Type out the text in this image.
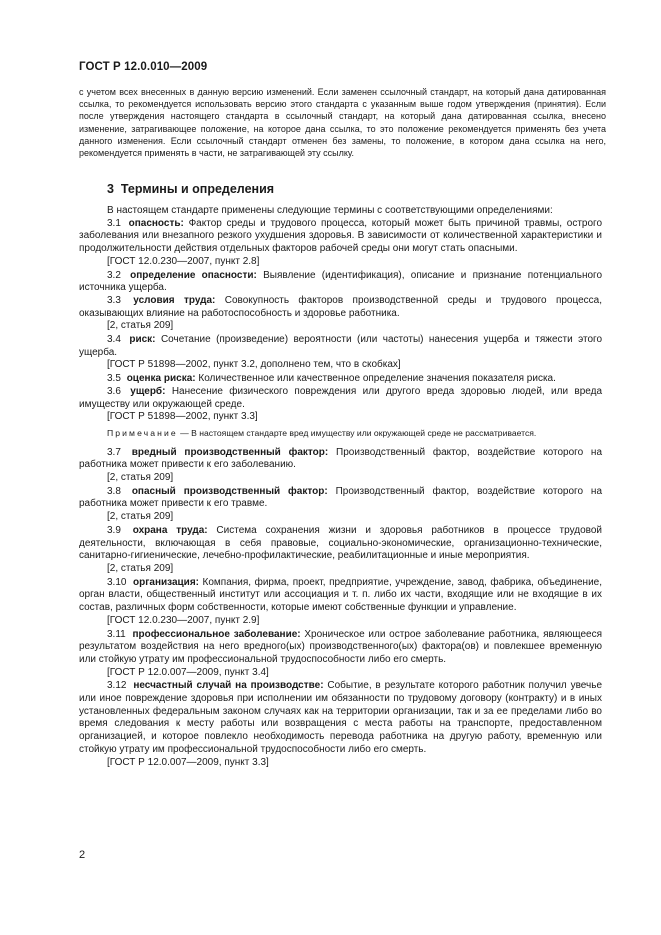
ГОСТ Р 12.0.010—2009

с учетом всех внесенных в данную версию изменений. Если заменен ссылочный стандарт, на который дана датированная ссылка, то рекомендуется использовать версию этого стандарта с указанным выше годом утверждения (принятия). Если после утверждения настоящего стандарта в ссылочный стандарт, на который дана датированная ссылка, внесено изменение, затрагивающее положение, на которое дана ссылка, то это положение рекомендуется применять без учета данного изменения. Если ссылочный стандарт отменен без замены, то положение, в котором дана ссылка на него, рекомендуется применять в части, не затрагивающей эту ссылку.

3 Термины и определения

В настоящем стандарте применены следующие термины с соответствующими определениями:

3.1 опасность: Фактор среды и трудового процесса, который может быть причиной травмы, острого заболевания или внезапного резкого ухудшения здоровья. В зависимости от количественной характеристики и продолжительности действия отдельных факторов рабочей среды они могут стать опасными.

[ГОСТ 12.0.230—2007, пункт 2.8]

3.2 определение опасности: Выявление (идентификация), описание и признание потенциального источника ущерба.

3.3 условия труда: Совокупность факторов производственной среды и трудового процесса, оказывающих влияние на работоспособность и здоровье работника.

[2, статья 209]

3.4 риск: Сочетание (произведение) вероятности (или частоты) нанесения ущерба и тяжести этого ущерба.

[ГОСТ Р 51898—2002, пункт 3.2, дополнено тем, что в скобках]

3.5 оценка риска: Количественное или качественное определение значения показателя риска.

3.6 ущерб: Нанесение физического повреждения или другого вреда здоровью людей, или вреда имуществу или окружающей среде.

[ГОСТ Р 51898—2002, пункт 3.3]

Примечание — В настоящем стандарте вред имуществу или окружающей среде не рассматривается.

3.7 вредный производственный фактор: Производственный фактор, воздействие которого на работника может привести к его заболеванию.

[2, статья 209]

3.8 опасный производственный фактор: Производственный фактор, воздействие которого на работника может привести к его травме.

[2, статья 209]

3.9 охрана труда: Система сохранения жизни и здоровья работников в процессе трудовой деятельности, включающая в себя правовые, социально-экономические, организационно-технические, санитарно-гигиенические, лечебно-профилактические, реабилитационные и иные мероприятия.

[2, статья 209]

3.10 организация: Компания, фирма, проект, предприятие, учреждение, завод, фабрика, объединение, орган власти, общественный институт или ассоциация и т. п. либо их части, входящие или не входящие в их состав, различных форм собственности, которые имеют собственные функции и управление.

[ГОСТ 12.0.230—2007, пункт 2.9]

3.11 профессиональное заболевание: Хроническое или острое заболевание работника, являющееся результатом воздействия на него вредного(ых) производственного(ых) фактора(ов) и повлекшее временную или стойкую утрату им профессиональной трудоспособности либо его смерть.

[ГОСТ Р 12.0.007—2009, пункт 3.4]

3.12 несчастный случай на производстве: Событие, в результате которого работник получил увечье или иное повреждение здоровья при исполнении им обязанности по трудовому договору (контракту) и в иных установленных федеральным законом случаях как на территории организации, так и за ее пределами либо во время следования к месту работы или возвращения с места работы на транспорте, предоставленном организацией, и которое повлекло необходимость перевода работника на другую работу, временную или стойкую утрату им профессиональной трудоспособности либо его смерть.

[ГОСТ Р 12.0.007—2009, пункт 3.3]

2
